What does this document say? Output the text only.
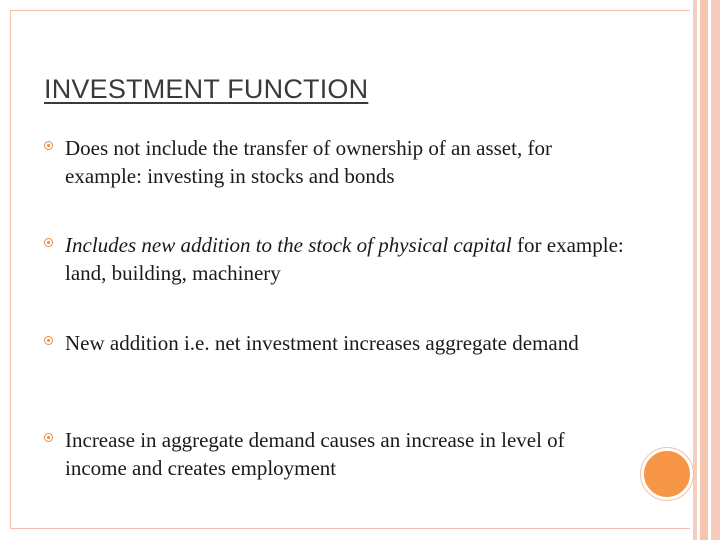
INVESTMENT FUNCTION
Does not include the transfer of ownership of an asset, for example: investing in stocks and bonds
Includes new addition to the stock of physical capital for example: land, building, machinery
New addition i.e. net investment increases aggregate demand
Increase in aggregate demand causes an increase in level of income and creates employment
